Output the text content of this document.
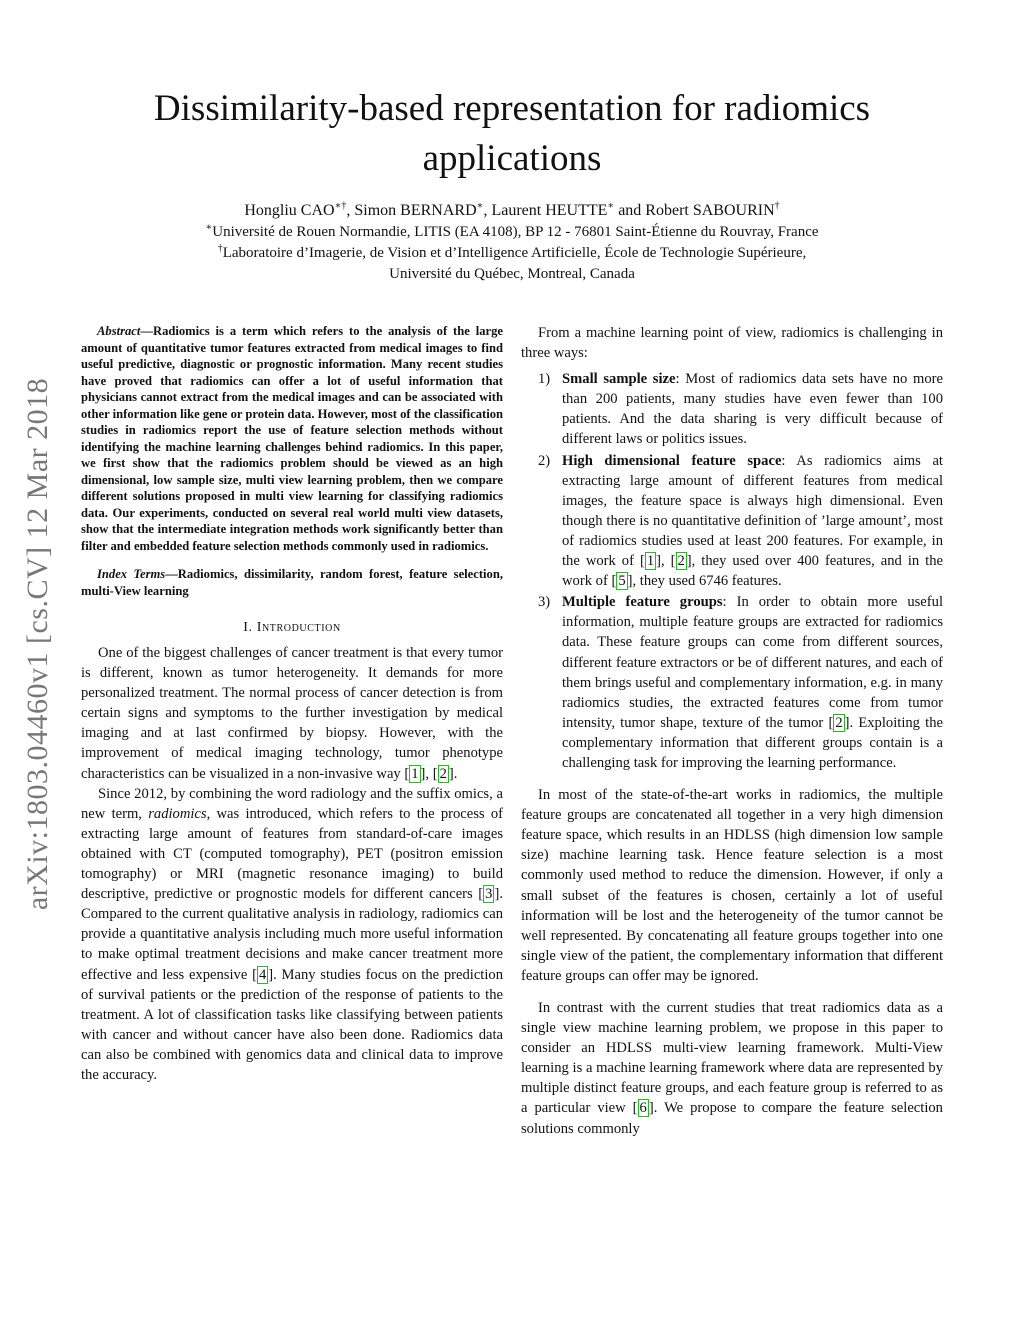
arXiv:1803.04460v1 [cs.CV] 12 Mar 2018
Dissimilarity-based representation for radiomics applications
Hongliu CAO∗†, Simon BERNARD∗, Laurent HEUTTE∗ and Robert SABOURIN†
∗Université de Rouen Normandie, LITIS (EA 4108), BP 12 - 76801 Saint-Étienne du Rouvray, France
†Laboratoire d’Imagerie, de Vision et d’Intelligence Artificielle, École de Technologie Supérieure,
Université du Québec, Montreal, Canada

Abstract—Radiomics is a term which refers to the analysis of the large amount of quantitative tumor features extracted from medical images to find useful predictive, diagnostic or prognostic information. Many recent studies have proved that radiomics can offer a lot of useful information that physicians cannot extract from the medical images and can be associated with other information like gene or protein data. However, most of the classification studies in radiomics report the use of feature selection methods without identifying the machine learning challenges behind radiomics. In this paper, we first show that the radiomics problem should be viewed as an high dimensional, low sample size, multi view learning problem, then we compare different solutions proposed in multi view learning for classifying radiomics data. Our experiments, conducted on several real world multi view datasets, show that the intermediate integration methods work significantly better than filter and embedded feature selection methods commonly used in radiomics.

Index Terms—Radiomics, dissimilarity, random forest, feature selection, multi-View learning

I. Introduction

One of the biggest challenges of cancer treatment is that every tumor is different, known as tumor heterogeneity. It demands for more personalized treatment. The normal process of cancer detection is from certain signs and symptoms to the further investigation by medical imaging and at last confirmed by biopsy. However, with the improvement of medical imaging technology, tumor phenotype characteristics can be visualized in a non-invasive way [ 1 ], [ 2 ].

Since 2012, by combining the word radiology and the suffix omics, a new term, radiomics, was introduced, which refers to the process of extracting large amount of features from standard-of-care images obtained with CT (computed tomography), PET (positron emission tomography) or MRI (magnetic resonance imaging) to build descriptive, predictive or prognostic models for different cancers [ 3 ]. Compared to the current qualitative analysis in radiology, radiomics can provide a quantitative analysis including much more useful information to make optimal treatment decisions and make cancer treatment more effective and less expensive [ 4 ]. Many studies focus on the prediction of survival patients or the prediction of the response of patients to the treatment. A lot of classification tasks like classifying between patients with cancer and without cancer have also been done. Radiomics data can also be combined with genomics data and clinical data to improve the accuracy.

From a machine learning point of view, radiomics is challenging in three ways:

1) Small sample size: Most of radiomics data sets have no more than 200 patients, many studies have even fewer than 100 patients. And the data sharing is very difficult because of different laws or politics issues.
2) High dimensional feature space: As radiomics aims at extracting large amount of different features from medical images, the feature space is always high dimensional. Even though there is no quantitative definition of ’large amount’, most of radiomics studies used at least 200 features. For example, in the work of [ 1 ], [ 2 ], they used over 400 features, and in the work of [ 5 ], they used 6746 features.
3) Multiple feature groups: In order to obtain more useful information, multiple feature groups are extracted for radiomics data. These feature groups can come from different sources, different feature extractors or be of different natures, and each of them brings useful and complementary information, e.g. in many radiomics studies, the extracted features come from tumor intensity, tumor shape, texture of the tumor [ 2 ]. Exploiting the complementary information that different groups contain is a challenging task for improving the learning performance.

In most of the state-of-the-art works in radiomics, the multiple feature groups are concatenated all together in a very high dimension feature space, which results in an HDLSS (high dimension low sample size) machine learning task. Hence feature selection is a most commonly used method to reduce the dimension. However, if only a small subset of the features is chosen, certainly a lot of useful information will be lost and the heterogeneity of the tumor cannot be well represented. By concatenating all feature groups together into one single view of the patient, the complementary information that different feature groups can offer may be ignored.

In contrast with the current studies that treat radiomics data as a single view machine learning problem, we propose in this paper to consider an HDLSS multi-view learning framework. Multi-View learning is a machine learning framework where data are represented by multiple distinct feature groups, and each feature group is referred to as a particular view [ 6 ]. We propose to compare the feature selection solutions commonly
